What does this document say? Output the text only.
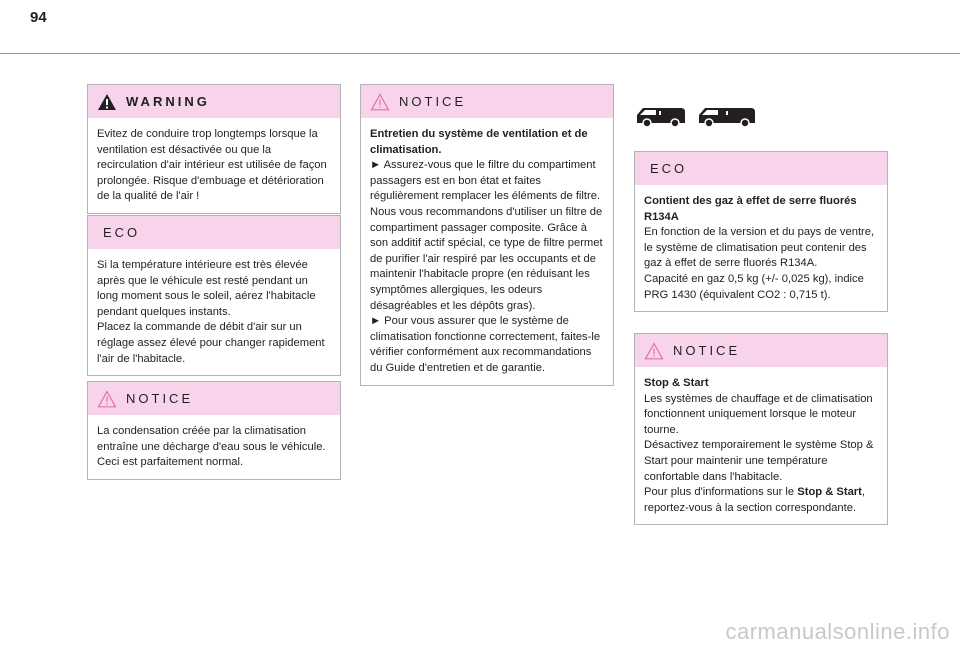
94
WARNING

Evitez de conduire trop longtemps lorsque la ventilation est désactivée ou que la recirculation d'air intérieur est utilisée de façon prolongée. Risque d'embuage et détérioration de la qualité de l'air !

ECO

Si la température intérieure est très élevée après que le véhicule est resté pendant un long moment sous le soleil, aérez l'habitacle pendant quelques instants.

Placez la commande de débit d'air sur un réglage assez élevé pour changer rapidement l'air de l'habitacle.

NOTICE

La condensation créée par la climatisation entraîne une décharge d'eau sous le véhicule. Ceci est parfaitement normal.

NOTICE

Entretien du système de ventilation et de climatisation.

► Assurez-vous que le filtre du compartiment passagers est en bon état et faites régulièrement remplacer les éléments de filtre.

Nous vous recommandons d'utiliser un filtre de compartiment passager composite. Grâce à son additif actif spécial, ce type de filtre permet de purifier l'air respiré par les occupants et de maintenir l'habitacle propre (en réduisant les symptômes allergiques, les odeurs désagréables et les dépôts gras).

► Pour vous assurer que le système de climatisation fonctionne correctement, faites-le vérifier conformément aux recommandations du Guide d'entretien et de garantie.

ECO

Contient des gaz à effet de serre fluorés R134A

En fonction de la version et du pays de ventre, le système de climatisation peut contenir des gaz à effet de serre fluorés R134A.

Capacité en gaz 0,5 kg (+/- 0,025 kg), indice PRG 1430 (équivalent CO2 : 0,715 t).

NOTICE

Stop & Start

Les systèmes de chauffage et de climatisation fonctionnent uniquement lorsque le moteur tourne.

Désactivez temporairement le système Stop & Start pour maintenir une température confortable dans l'habitacle.

Pour plus d'informations sur le Stop & Start,

reportez-vous à la section correspondante.

carmanualsonline.info
